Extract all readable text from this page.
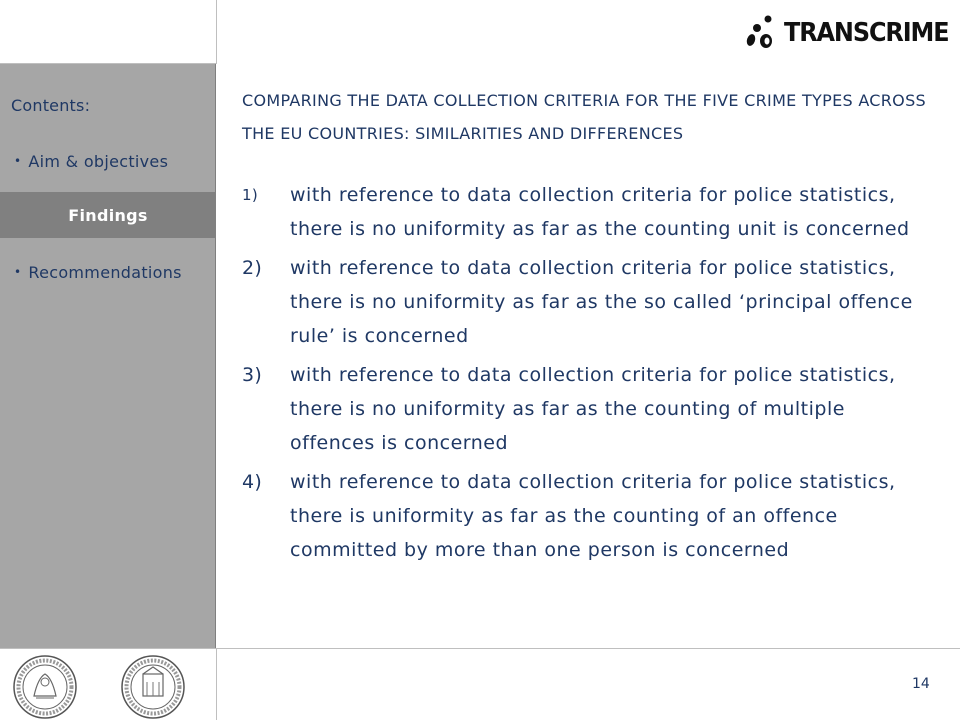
TRANSCRIME
Contents:
• Aim & objectives
Findings
• Recommendations
COMPARING THE DATA COLLECTION CRITERIA FOR THE FIVE CRIME TYPES ACROSS THE EU COUNTRIES: SIMILARITIES AND DIFFERENCES
1)	with reference to data collection criteria for police statistics, there is no uniformity as far as the counting unit is concerned
2)	with reference to data collection criteria for police statistics, there is no uniformity as far as the so called ‘principal offence rule’ is concerned
3)	with reference to data collection criteria for police statistics, there is no uniformity as far as the counting of multiple offences is concerned
4)	with reference to data collection criteria for police statistics, there is uniformity as far as the counting of an offence committed by more than one person is concerned
14
